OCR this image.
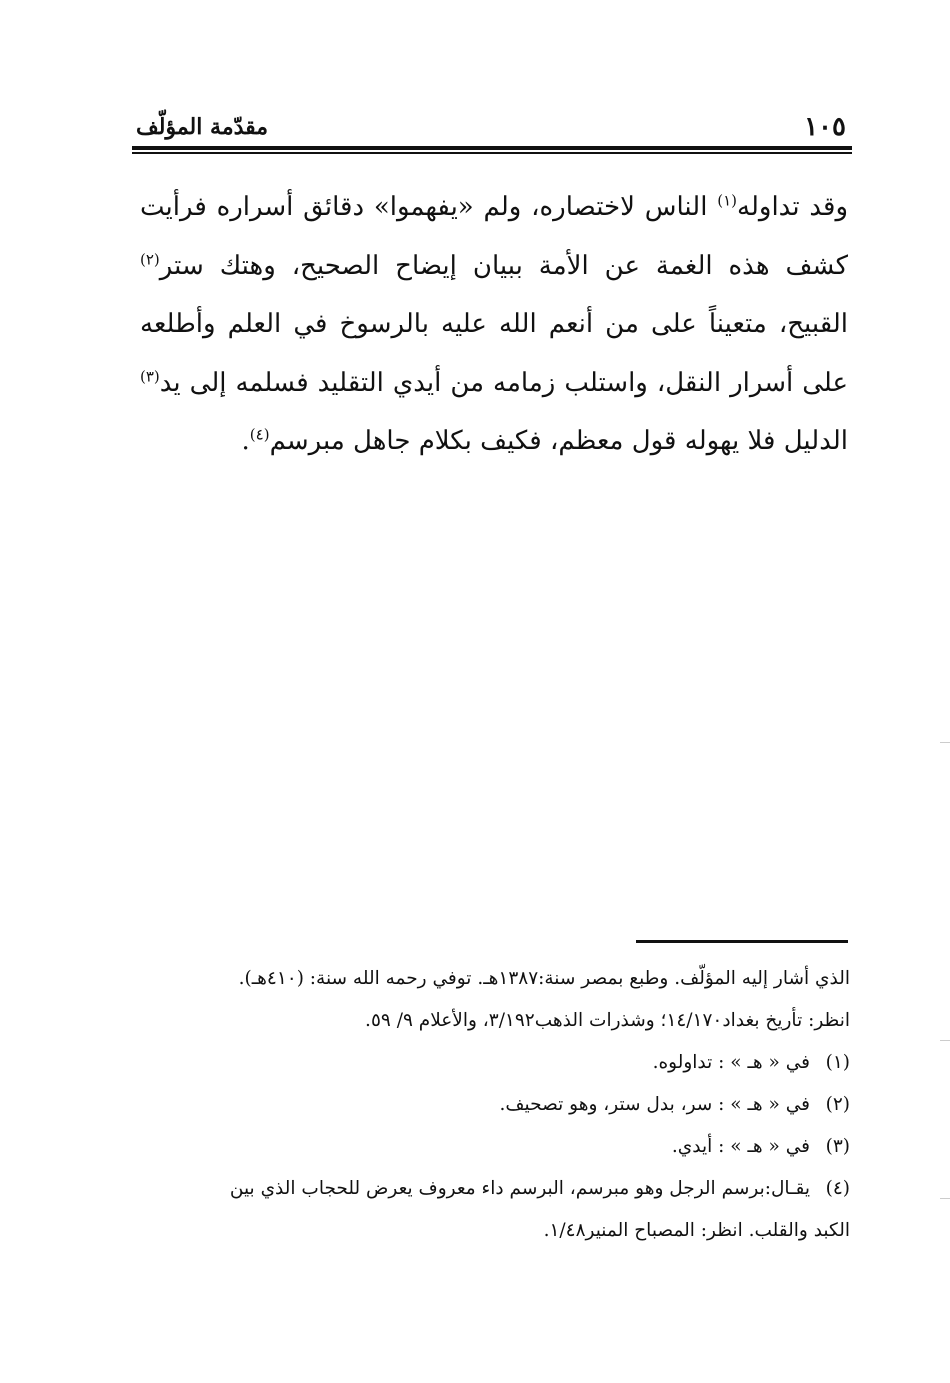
١٠٥
مقدّمة المؤلّف
وقد تداوله$^{(١)}$ الناس لاختصاره، ولم «يفهموا» دقائق أسراره فرأيت كشف هذه الغمة عن الأمة ببيان إيضاح الصحيح، وهتك ستر$^{(٢)}$ القبيح، متعيناً على من أنعم الله عليه بالرسوخ في العلم وأطلعه على أسرار النقل، واستلب زمامه من أيدي التقليد فسلمه إلى يد$^{(٣)}$ الدليل فلا يهوله قول معظم، فكيف بكلام جاهل مبرسم$^{(٤)}$.
الذي أشار إليه المؤلّف. وطبع بمصر سنة:١٣٨٧هـ. توفي رحمه الله سنة: (٤١٠هـ).
انظر: تأريخ بغداد١٤/١٧٠؛ وشذرات الذهب٣/١٩٢، والأعلام ٩/ ٥٩.
(١)
في « هـ » : تداولوه.
(٢)
في « هـ » : سر، بدل ستر، وهو تصحيف.
(٣)
في « هـ » : أيدي.
(٤)
يقـال:برسم الرجل وهو مبرسم، البرسم داء معروف يعرض للحجاب الذي بين
الكبد والقلب. انظر: المصباح المنير١/٤٨.
